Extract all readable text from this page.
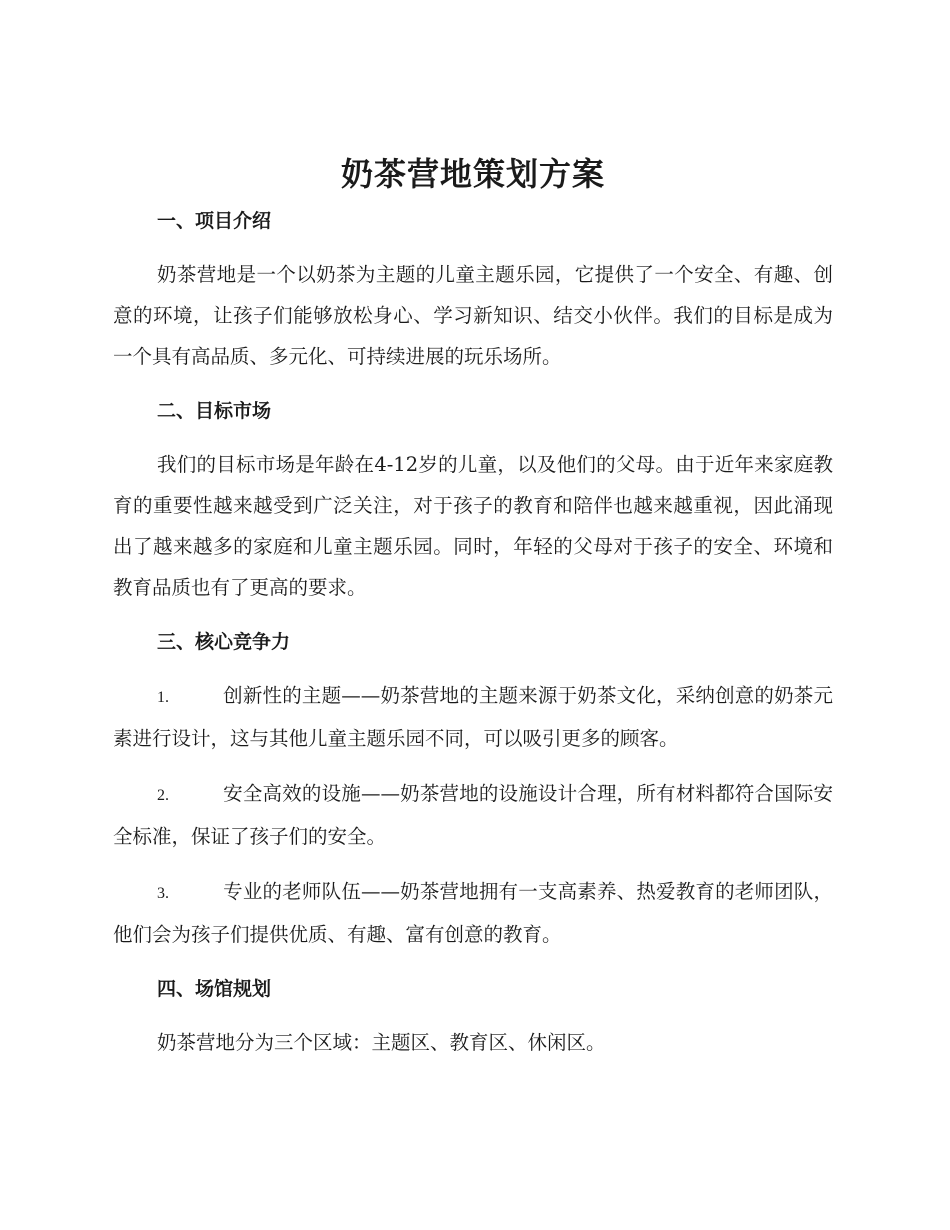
奶茶营地策划方案
一、项目介绍

奶茶营地是一个以奶茶为主题的儿童主题乐园，它提供了一个安全、有趣、创意的环境，让孩子们能够放松身心、学习新知识、结交小伙伴。我们的目标是成为一个具有高品质、多元化、可持续进展的玩乐场所。

二、目标市场

我们的目标市场是年龄在4-12岁的儿童，以及他们的父母。由于近年来家庭教育的重要性越来越受到广泛关注，对于孩子的教育和陪伴也越来越重视，因此涌现出了越来越多的家庭和儿童主题乐园。同时，年轻的父母对于孩子的安全、环境和教育品质也有了更高的要求。

三、核心竞争力

1.	创新性的主题——奶茶营地的主题来源于奶茶文化，采纳创意的奶茶元素进行设计，这与其他儿童主题乐园不同，可以吸引更多的顾客。

2.	安全高效的设施——奶茶营地的设施设计合理，所有材料都符合国际安全标准，保证了孩子们的安全。

3.	专业的老师队伍——奶茶营地拥有一支高素养、热爱教育的老师团队，他们会为孩子们提供优质、有趣、富有创意的教育。

四、场馆规划

奶茶营地分为三个区域：主题区、教育区、休闲区。
